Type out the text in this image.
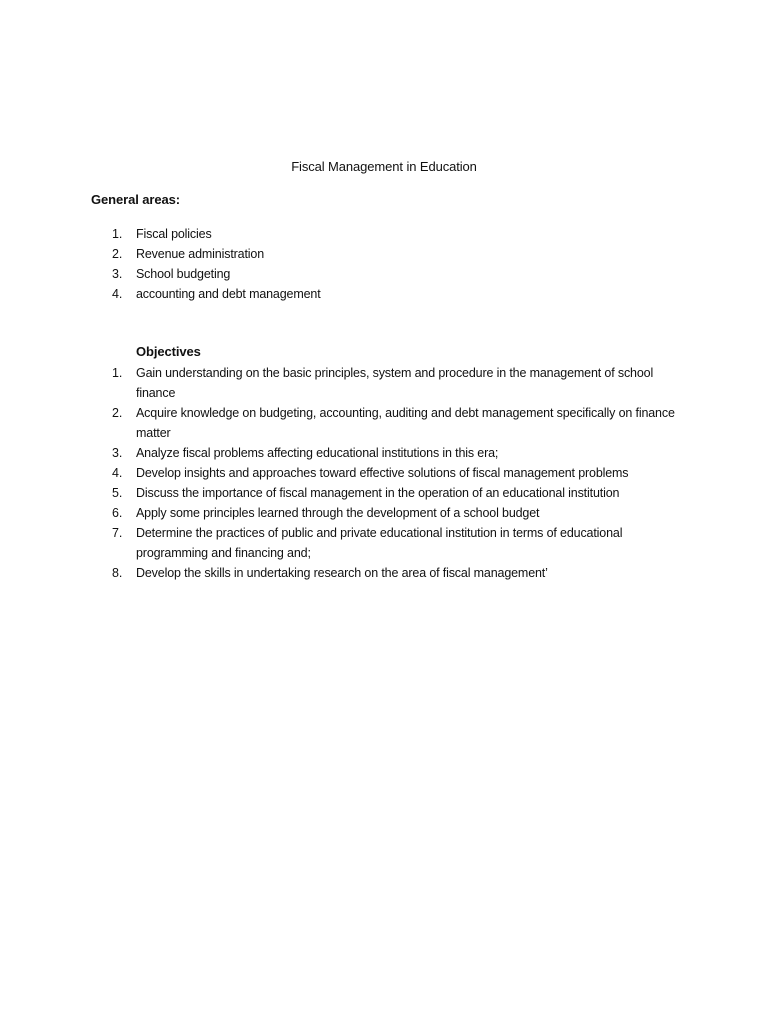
Fiscal Management in Education
General areas:
1. Fiscal policies
2. Revenue administration
3. School budgeting
4. accounting and debt management
Objectives
1. Gain understanding on the basic principles, system and procedure in the management of school finance
2. Acquire knowledge on budgeting, accounting, auditing and debt management specifically on finance matter
3. Analyze fiscal problems affecting educational institutions in this era;
4. Develop insights and approaches toward effective solutions of fiscal management problems
5. Discuss the importance of fiscal management in the operation of an educational institution
6. Apply some principles learned through the development of a school budget
7. Determine the practices of public and private educational institution in terms of educational programming and financing and;
8. Develop the skills in undertaking research on the area of fiscal management’
